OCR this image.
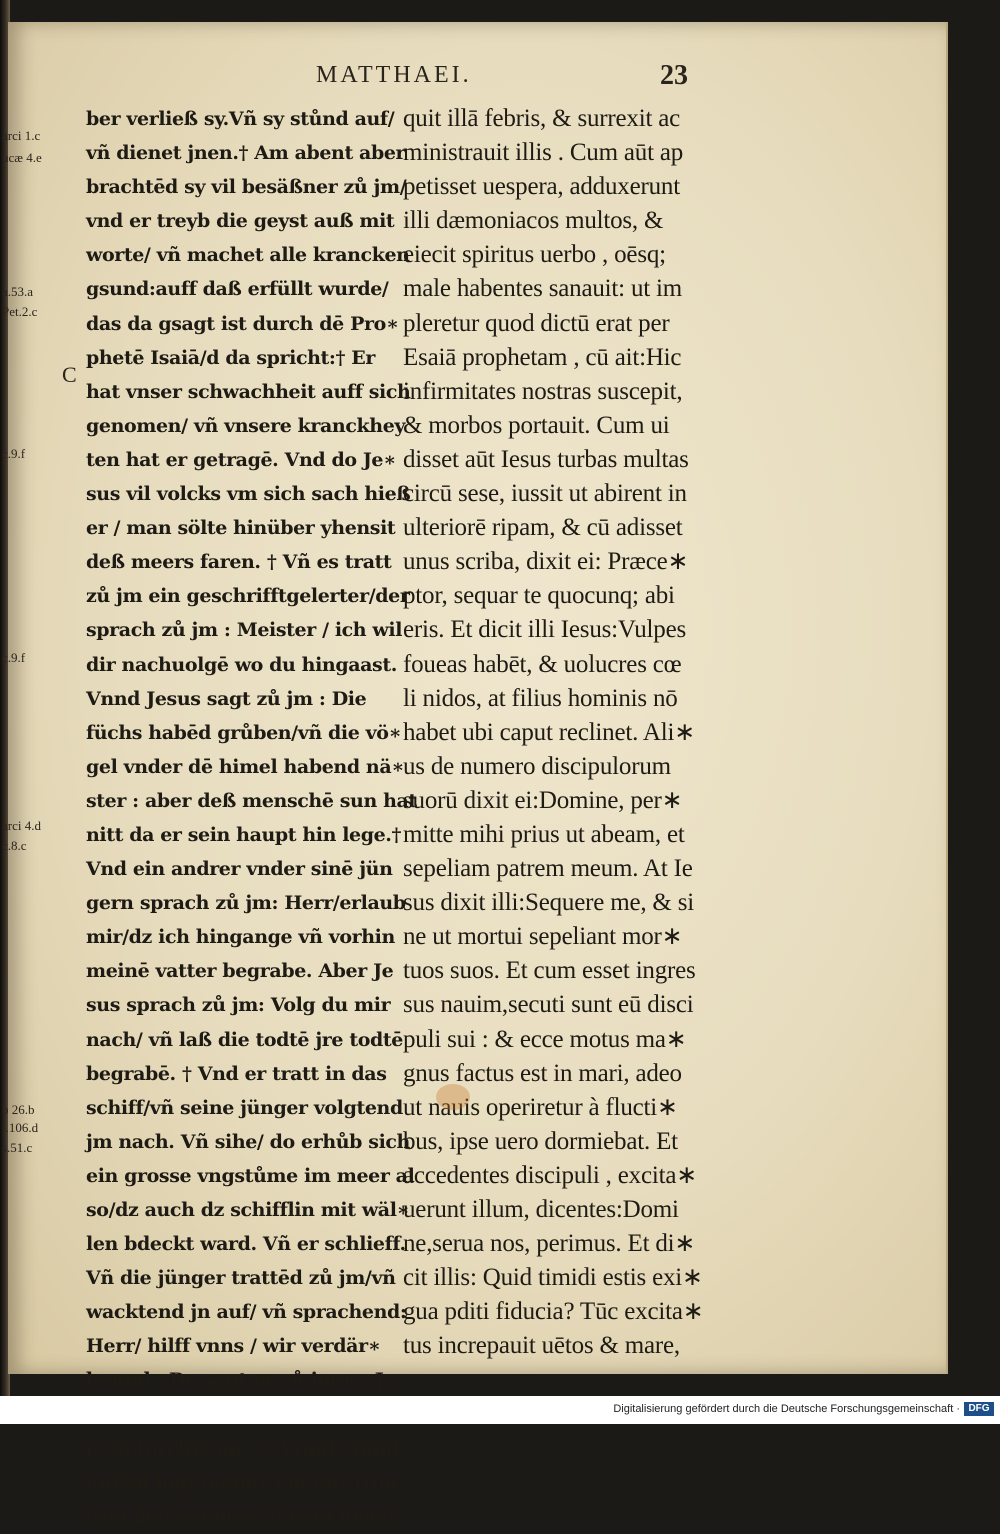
MATTHAEI.	23
arci 1.c
ucæ 4.e
a.53.a
Pet.2.c
c.9.f
c.9.f
arci 4.d
c.8.c
b 26.b
l.106.d
s.51.c
C
ber verließ sy.Vñ sy stůnd auf/
vñ dienet jnen.† Am abent aber
brachtēd sy vil besäßner zů jm/
vnd er treyb die geyst auß mit
worte/ vñ machet alle krancken
gsund:auff daß erfüllt wurde/
das da gsagt ist durch dē Pro∗
phetē Isaiā/d da spricht:† Er
hat vnser schwachheit auff sich
genomen/ vñ vnsere kranckhey
ten hat er getragē. Vnd do Je∗
sus vil volcks vm sich sach hieß
er / man sölte hinüber yhensit
deß meers faren. † Vñ es tratt
zů jm ein geschrifftgelerter/der
sprach zů jm : Meister / ich wil
dir nachuolgē wo du hingaast.
Vnnd Jesus sagt zů jm : Die
füchs habēd grůben/vñ die vö∗
gel vnder dē himel habend nä∗
ster : aber deß menschē sun hat
nitt da er sein haupt hin lege.†
Vnd ein andrer vnder sinē jün
gern sprach zů jm: Herr/erlaub
mir/dz ich hingange vñ vorhin
meinē vatter begrabe. Aber Je
sus sprach zů jm: Volg du mir
nach/ vñ laß die todtē jre todtē
begrabē. † Vnd er tratt in das
schiff/vñ seine jünger volgtend
jm nach. Vñ sihe/ do erhůb sich
ein grosse vngstůme im meer al
so/dz auch dz schifflin mit wäl∗
len bdeckt ward. Vñ er schlieff.
Vñ die jünger trattēd zů jm/vñ
wacktend jn auf/ vñ sprachend:
Herr/ hilff vnns / wir verdär∗
bennd . Do sagt er zů jnen : Jr
jr so forchtsam ? † Vnnd stůnd
auf/vñ legt gebott ein mit tröu
wen den winden vñ dem meer.
quit illā febris, & surrexit ac
ministrauit illis . Cum aūt ap
petisset uespera, adduxerunt
illi dæmoniacos multos, &
eiecit spiritus uerbo , oēsq;
male habentes sanauit: ut im
pleretur quod dictū erat per
Esaiā prophetam , cū ait:Hic
infirmitates nostras suscepit,
& morbos portauit. Cum ui
disset aūt Iesus turbas multas
circū sese, iussit ut abirent in
ulteriorē ripam, & cū adisset
unus scriba, dixit ei: Præce∗
ptor, sequar te quocunq; abi
eris. Et dicit illi Iesus:Vulpes
foueas habēt, & uolucres cœ
li nidos, at filius hominis nō
habet ubi caput reclinet. Ali∗
us de numero discipulorum
suorū dixit ei:Domine, per∗
mitte mihi prius ut abeam, et
sepeliam patrem meum. At Ie
sus dixit illi:Sequere me, & si
ne ut mortui sepeliant mor∗
tuos suos. Et cum esset ingres
sus nauim,secuti sunt eū disci
puli sui : & ecce motus ma∗
gnus factus est in mari, adeo
ut nauis operiretur à flucti∗
bus, ipse uero dormiebat. Et
accedentes discipuli , excita∗
uerunt illum, dicentes:Domi
ne,serua nos, perimus. Et di∗
cit illis: Quid timidi estis exi∗
gua pditi fiducia? Tūc excita∗
tus increpauit uētos & mare,
Digitalisierung gefördert durch die Deutsche Forschungsgemeinschaft · DFG
